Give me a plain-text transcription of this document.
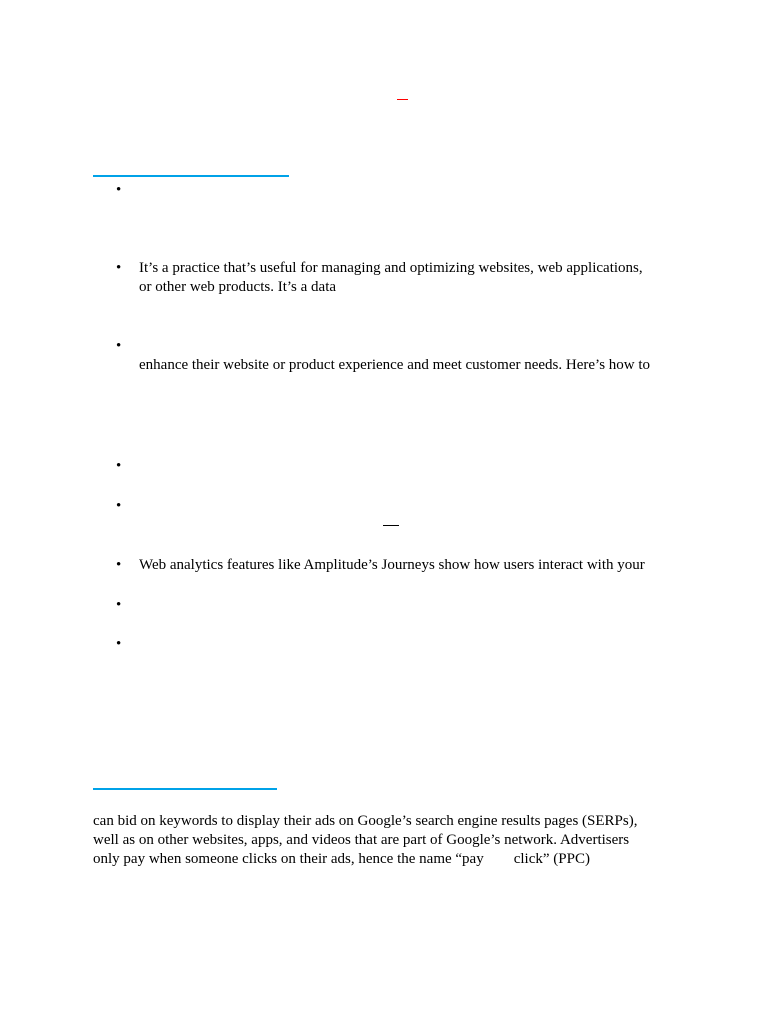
•
• It’s a practice that’s useful for managing and optimizing websites, web applications,
or other web products. It’s a data
•
enhance their website or product experience and meet customer needs. Here’s how to
•
•
• Web analytics features like Amplitude’s Journeys show how users interact with your
•
•
can bid on keywords to display their ads on Google’s search engine results pages (SERPs),
well as on other websites, apps, and videos that are part of Google’s network. Advertisers
only pay when someone clicks on their ads, hence the name “pay        click” (PPC)
